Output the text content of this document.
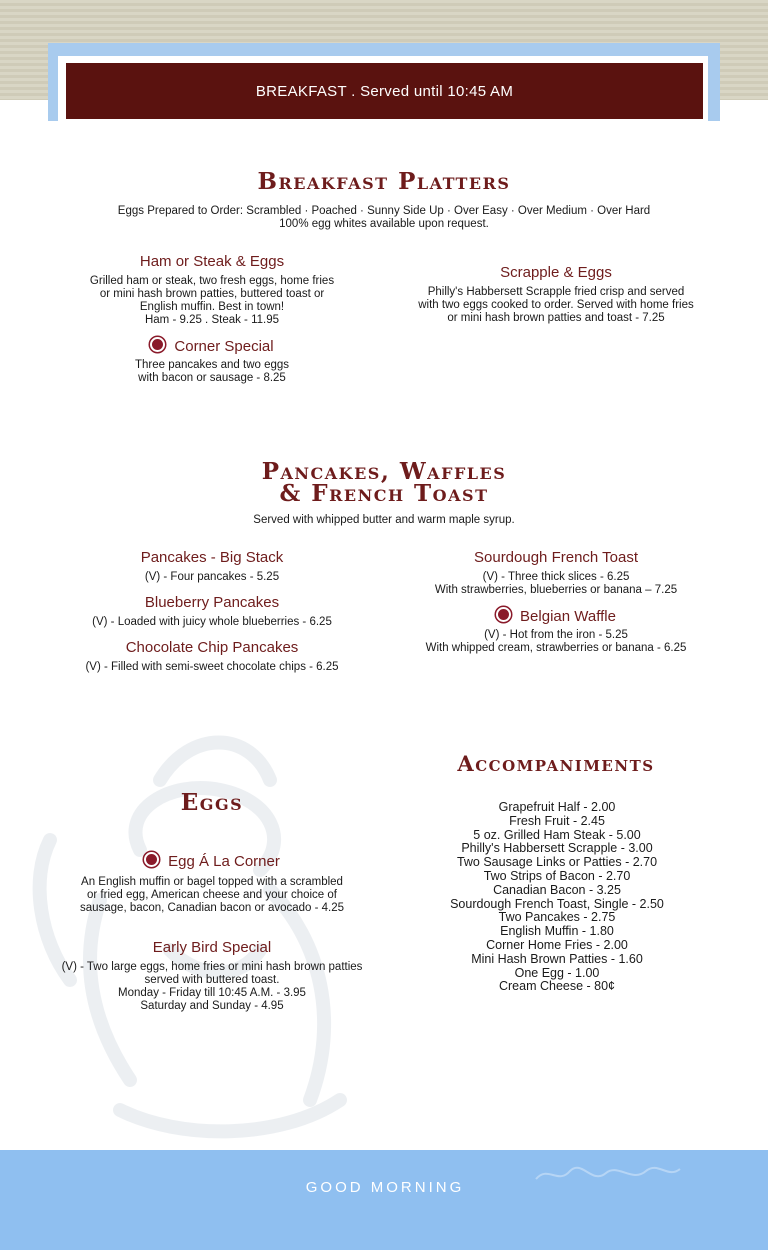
BREAKFAST . Served until 10:45 AM
Breakfast Platters

Eggs Prepared to Order: Scrambled · Poached · Sunny Side Up · Over Easy · Over Medium · Over Hard

100% egg whites available upon request.

Ham or Steak & Eggs

Grilled ham or steak, two fresh eggs, home fries
or mini hash brown patties, buttered toast or
English muffin. Best in town!
Ham - 9.25 . Steak - 11.95

Corner Special

Three pancakes and two eggs
with bacon or sausage - 8.25

Scrapple & Eggs

Philly's Habbersett Scrapple fried crisp and served
with two eggs cooked to order. Served with home fries
or mini hash brown patties and toast - 7.25

Pancakes, Waffles
& French Toast

Served with whipped butter and warm maple syrup.

Pancakes - Big Stack

(V) - Four pancakes - 5.25

Blueberry Pancakes

(V) - Loaded with juicy whole blueberries - 6.25

Chocolate Chip Pancakes

(V) - Filled with semi-sweet chocolate chips - 6.25

Sourdough French Toast

(V) - Three thick slices - 6.25
With strawberries, blueberries or banana – 7.25

Belgian Waffle

(V) - Hot from the iron - 5.25
With whipped cream, strawberries or banana - 6.25

Eggs
Egg Á La Corner

An English muffin or bagel topped with a scrambled
or fried egg, American cheese and your choice of
sausage, bacon, Canadian bacon or avocado - 4.25

Early Bird Special

(V) - Two large eggs, home fries or mini hash brown patties
served with buttered toast.
Monday - Friday till 10:45 A.M. - 3.95
Saturday and Sunday - 4.95

Accompaniments
Grapefruit Half - 2.00
Fresh Fruit - 2.45
5 oz. Grilled Ham Steak - 5.00
Philly's Habbersett Scrapple - 3.00
Two Sausage Links or Patties - 2.70
Two Strips of Bacon - 2.70
Canadian Bacon - 3.25
Sourdough French Toast, Single - 2.50
Two Pancakes - 2.75
English Muffin - 1.80
Corner Home Fries - 2.00
Mini Hash Brown Patties - 1.60
One Egg - 1.00
Cream Cheese - 80¢
GOOD MORNING
